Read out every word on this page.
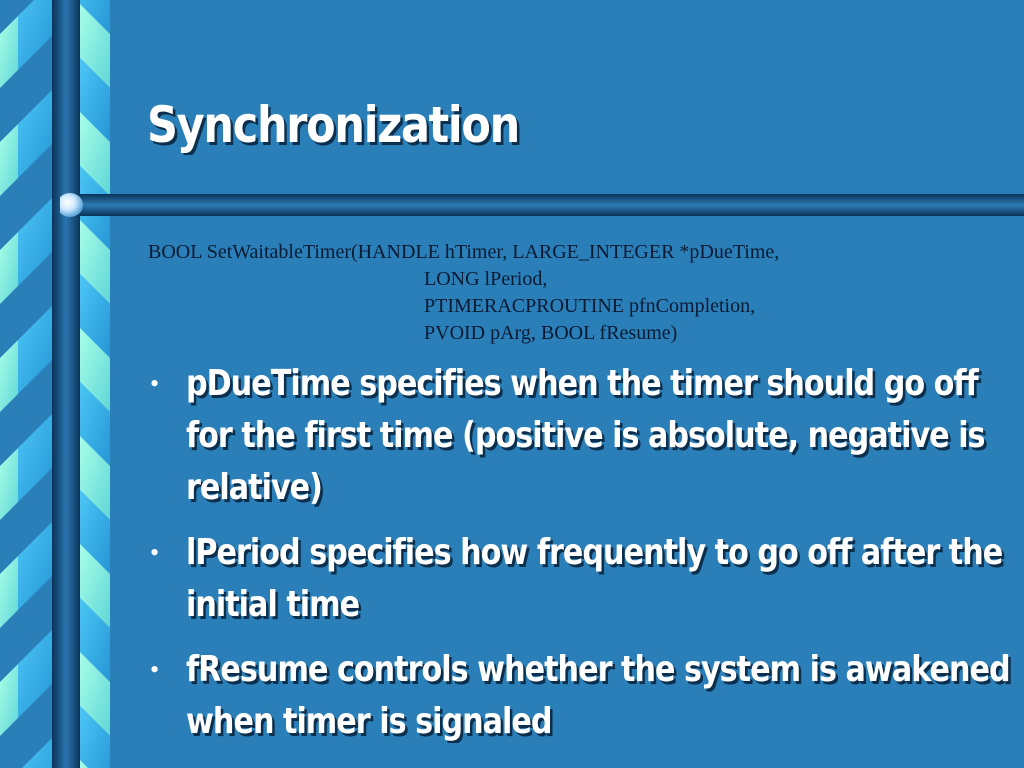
Synchronization
BOOL SetWaitableTimer(HANDLE hTimer, LARGE_INTEGER *pDueTime,
LONG lPeriod,
PTIMERACPROUTINE pfnCompletion,
PVOID pArg, BOOL fResume)
• pDueTime specifies when the timer should go off for the first time (positive is absolute, negative is relative)
• lPeriod specifies how frequently to go off after the initial time
• fResume controls whether the system is awakened when timer is signaled
